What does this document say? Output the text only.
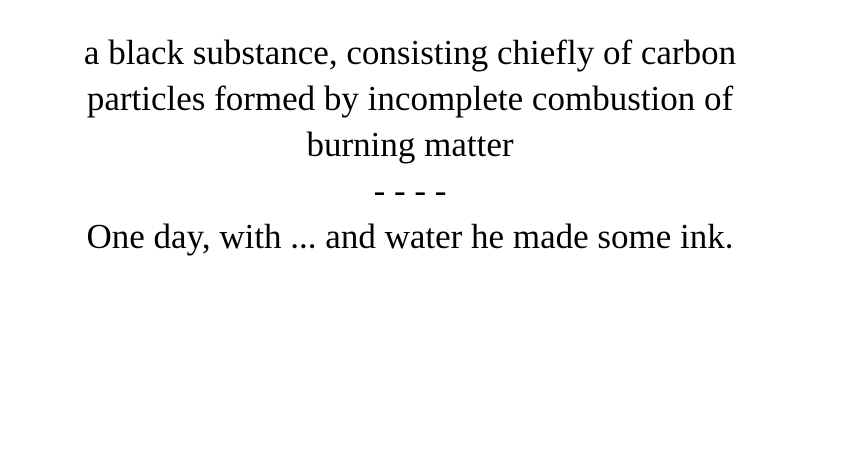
a black substance, consisting chiefly of carbon
particles formed by incomplete combustion of
burning matter
- - - -
One day, with ... and water he made some ink.
